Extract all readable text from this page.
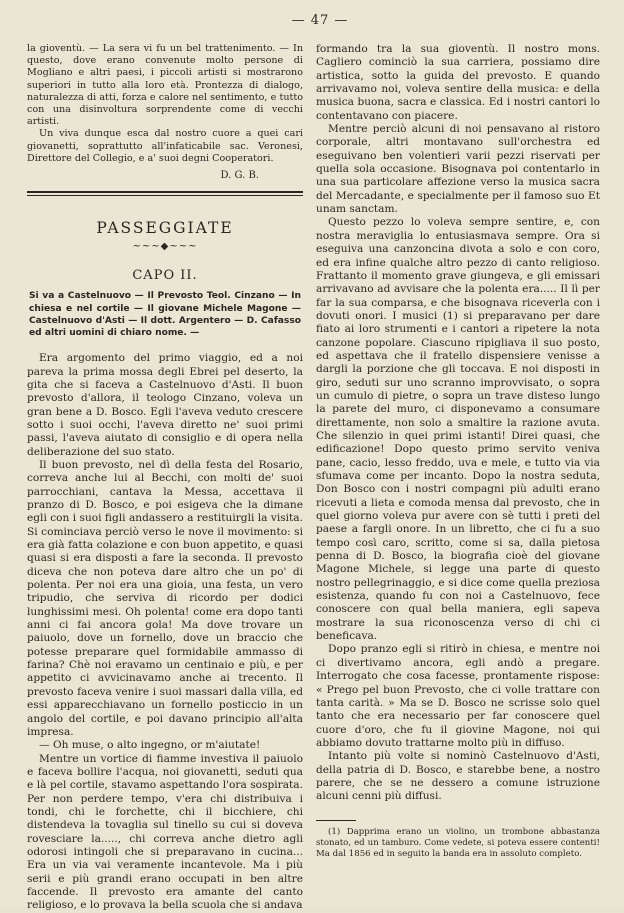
— 47 —

la gioventù. — La sera vi fu un bel trattenimento. — In questo, dove erano convenute molto persone di Mogliano e altri paesi, i piccoli artisti si mostrarono superiori in tutto alla loro età. Prontezza di dialogo, naturalezza di atti, forza e calore nel sentimento, e tutto con una disinvoltura sorprendente come di vecchi artisti.

Un viva dunque esca dal nostro cuore a quei cari giovanetti, soprattutto all'infaticabile sac. Veronesi, Direttore del Collegio, e a' suoi degni Cooperatori.

D. G. B.
PASSEGGIATE
~~~◆~~~
CAPO II.
Si va a Castelnuovo — Il Prevosto Teol. Cinzano — In chiesa e nel cortile — Il giovane Michele Magone — Castelnuovo d'Asti — Il dott. Argentero — D. Cafasso ed altri uomini di chiaro nome. —

Era argomento del primo viaggio, ed a noi pareva la prima mossa degli Ebrei pel deserto, la gita che si faceva a Castelnuovo d'Asti. Il buon prevosto d'allora, il teologo Cinzano, voleva un gran bene a D. Bosco. Egli l'aveva veduto crescere sotto i suoi occhi, l'aveva diretto ne' suoi primi passi, l'aveva aiutato di consiglio e di opera nella deliberazione del suo stato.

Il buon prevosto, nel dì della festa del Rosario, correva anche lui al Becchi, con molti de' suoi parrocchiani, cantava la Messa, accettava il pranzo di D. Bosco, e poi esigeva che la dimane egli con i suoi figli andassero a restituirgli la visita. Si cominciava perciò verso le nove il movimento: si era già fatta colazione e con buon appetito, e quasi quasi si era disposti a fare la seconda. Il prevosto diceva che non poteva dare altro che un po' di polenta. Per noi era una gioia, una festa, un vero tripudio, che serviva di ricordo per dodici lunghissimi mesi. Oh polenta! come era dopo tanti anni ci fai ancora gola! Ma dove trovare un paiuolo, dove un fornello, dove un braccio che potesse preparare quel formidabile ammasso di farina? Chè noi eravamo un centinaio e più, e per appetito ci avvicinavamo anche ai trecento. Il prevosto faceva venire i suoi massari dalla villa, ed essi apparecchiavano un fornello posticcio in un angolo del cortile, e poi davano principio all'alta impresa.

— Oh muse, o alto ingegno, or m'aiutate!

Mentre un vortice di fiamme investiva il paiuolo e faceva bollire l'acqua, noi giovanetti, seduti qua e là pel cortile, stavamo aspettando l'ora sospirata. Per non perdere tempo, v'era chi distribuiva i tondi, chi le forchette, chi il bicchiere, chi distendeva la tovaglia sul tinello su cui si doveva rovesciare la....., chi correva anche dietro agli odorosi intingoli che si preparavano in cucina... Era un via vai veramente incantevole. Ma i più serii e più grandi erano occupati in ben altre faccende. Il prevosto era amante del canto religioso, e lo provava la bella scuola che si andava

formando tra la sua gioventù. Il nostro mons. Cagliero cominciò la sua carriera, possiamo dire artistica, sotto la guida del prevosto. E quando arrivavamo noi, voleva sentire della musica: e della musica buona, sacra e classica. Ed i nostri cantori lo contentavano con piacere.

Mentre perciò alcuni di noi pensavano al ristoro corporale, altri montavano sull'orchestra ed eseguivano ben volentieri varii pezzi riservati per quella sola occasione. Bisognava poi contentarlo in una sua particolare affezione verso la musica sacra del Mercadante, e specialmente per il famoso suo Et unam sanctam.

Questo pezzo lo voleva sempre sentire, e, con nostra meraviglia lo entusiasmava sempre. Ora si eseguiva una canzoncina divota a solo e con coro, ed era infine qualche altro pezzo di canto religioso. Frattanto il momento grave giungeva, e gli emissari arrivavano ad avvisare che la polenta era..... Il lì per far la sua comparsa, e che bisognava riceverla con i dovuti onori. I musici (1) si preparavano per dare fiato ai loro strumenti e i cantori a ripetere la nota canzone popolare. Ciascuno ripigliava il suo posto, ed aspettava che il fratello dispensiere venisse a dargli la porzione che gli toccava. E noi disposti in giro, seduti sur uno scranno improvvisato, o sopra un cumulo di pietre, o sopra un trave disteso lungo la parete del muro, ci disponevamo a consumare direttamente, non solo a smaltire la razione avuta. Che silenzio in quei primi istanti! Direi quasi, che edificazione! Dopo questo primo servito veniva pane, cacio, lesso freddo, uva e mele, e tutto via via sfumava come per incanto. Dopo la nostra seduta, Don Bosco con i nostri compagni più adulti erano ricevuti a lieta e comoda mensa dal prevosto, che in quel giorno voleva pur avere con sè tutti i preti del paese a fargli onore. In un libretto, che ci fu a suo tempo così caro, scritto, come si sa, dalla pietosa penna di D. Bosco, la biografia cioè del giovane Magone Michele, si legge una parte di questo nostro pellegrinaggio, e si dice come quella preziosa esistenza, quando fu con noi a Castelnuovo, fece conoscere con qual bella maniera, egli sapeva mostrare la sua riconoscenza verso di chi ci beneficava.

Dopo pranzo egli si ritirò in chiesa, e mentre noi ci divertivamo ancora, egli andò a pregare. Interrogato che cosa facesse, prontamente rispose: « Prego pel buon Prevosto, che ci volle trattare con tanta carità. » Ma se D. Bosco ne scrisse solo quel tanto che era necessario per far conoscere quel cuore d'oro, che fu il giovine Magone, noi qui abbiamo dovuto trattarne molto più in diffuso.

Intanto più volte si nominò Castelnuovo d'Asti, della patria di D. Bosco, e starebbe bene, a nostro parere, che se ne dessero a comune istruzione alcuni cenni più diffusi.

(1) Dapprima erano un violino, un trombone abbastanza stonato, ed un tamburo. Come vedete, si poteva essere contenti! Ma dal 1856 ed in seguito la banda era in assoluto completo.
